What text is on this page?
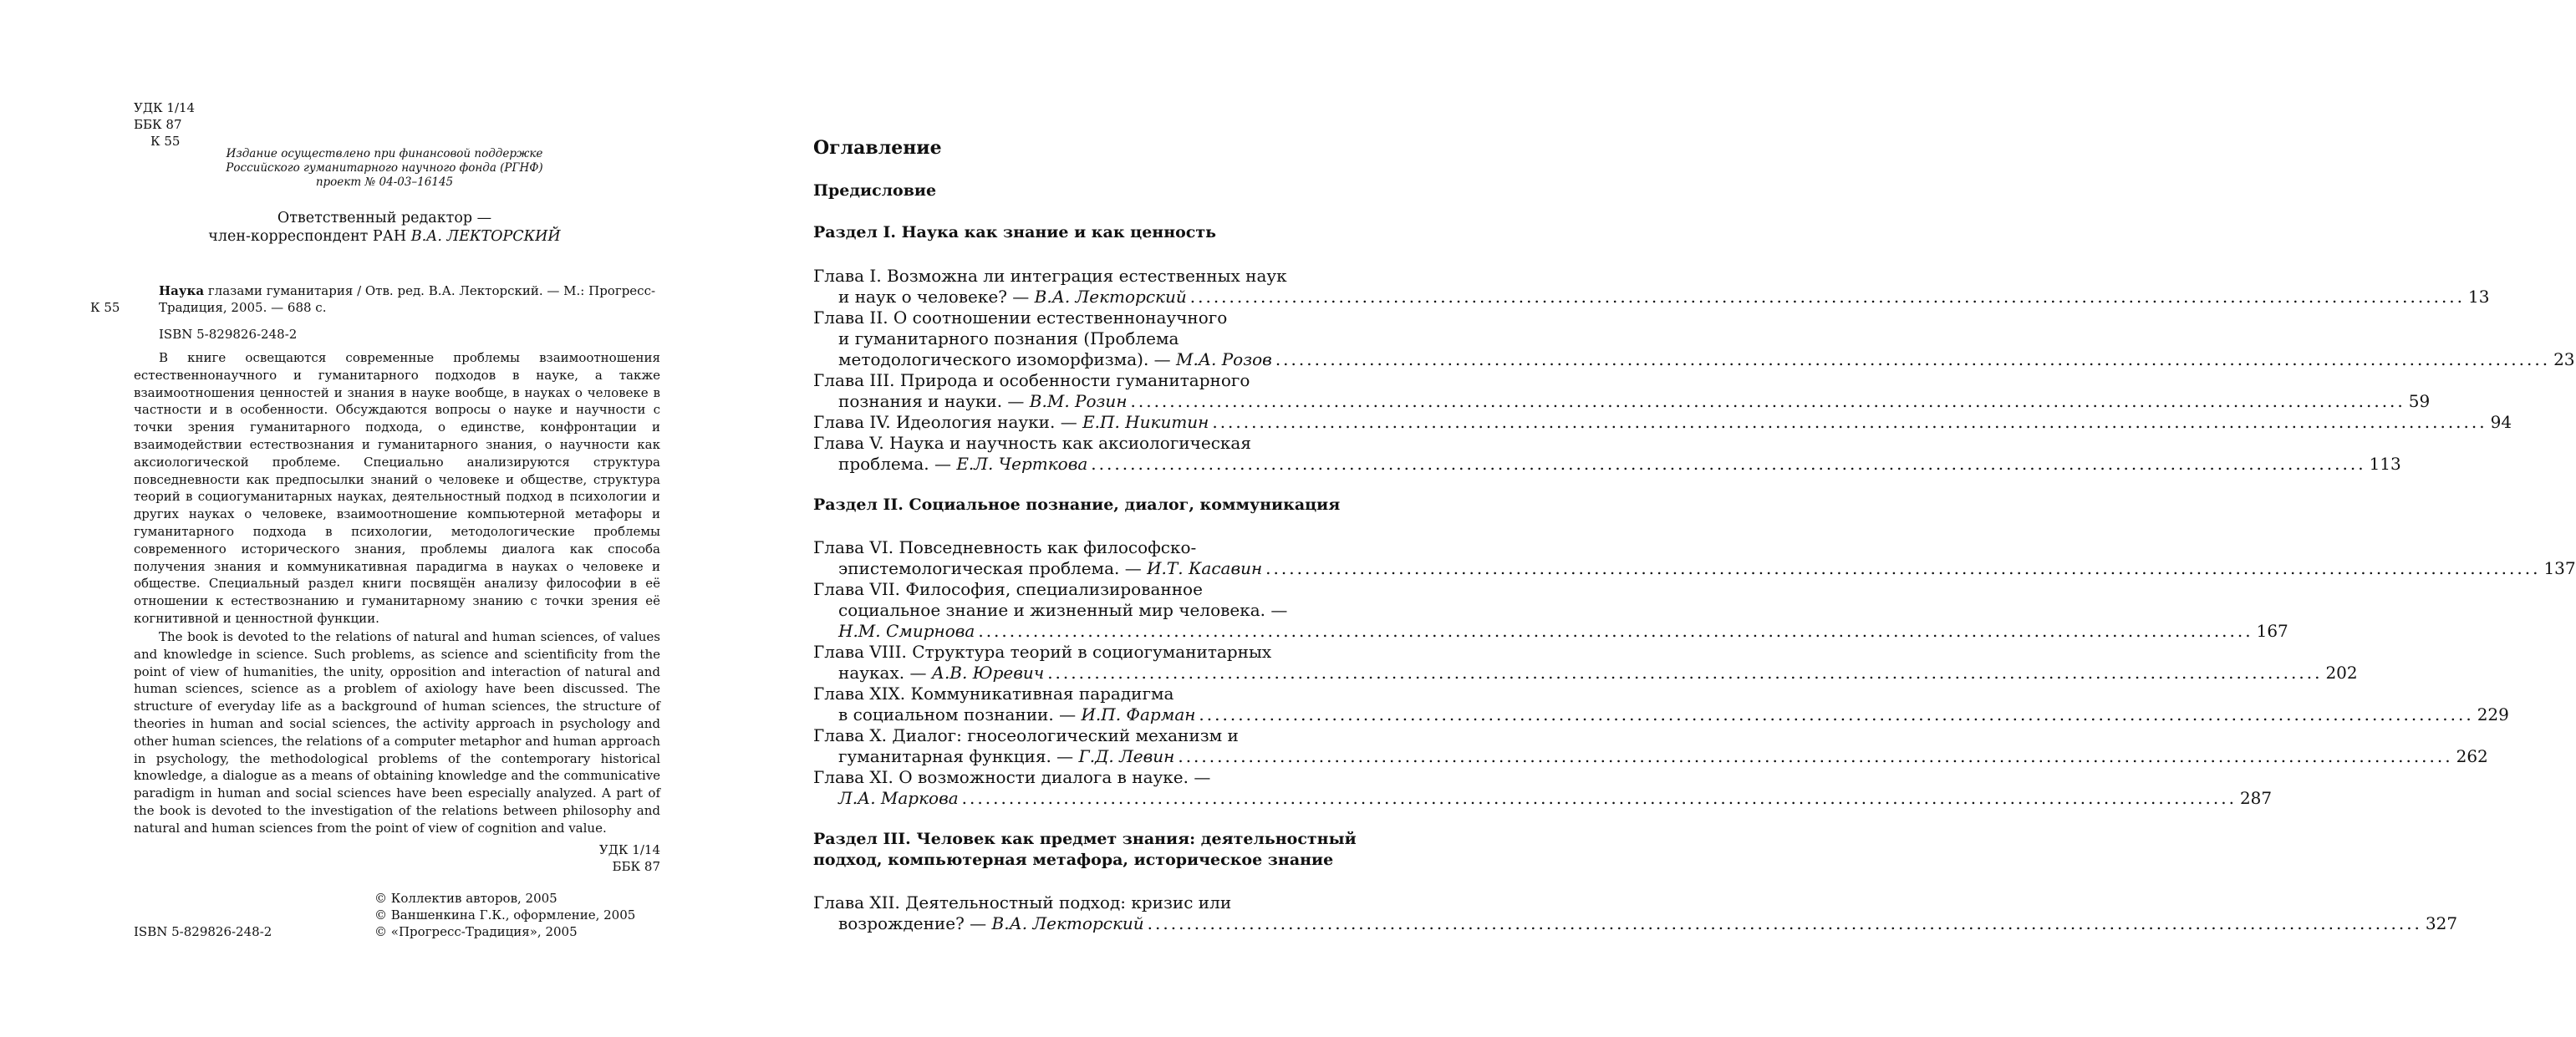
УДК 1/14
ББК 87
К 55
Издание осуществлено при финансовой поддержке
Российского гуманитарного научного фонда (РГНФ)
проект № 04-03–16145
Ответственный редактор —
член-корреспондент РАН В.А. ЛЕКТОРСКИЙ
Наука глазами гуманитария / Отв. ред. В.А. Лекторский. — М.: Прогресс-
Традиция, 2005. — 688 с.
К 55
ISBN 5-829826-248-2

В книге освещаются современные проблемы взаимоотношения естественнонаучного и гуманитарного подходов в науке, а также взаимоотношения ценностей и знания в науке вообще, в науках о человеке в частности и в особенности. Обсуждаются вопросы о науке и научности с точки зрения гуманитарного подхода, о единстве, конфронтации и взаимодействии естествознания и гуманитарного знания, о научности как аксиологической проблеме. Специально анализируются структура повседневности как предпосылки знаний о человеке и обществе, структура теорий в социогуманитарных науках, деятельностный подход в психологии и других науках о человеке, взаимоотношение компьютерной метафоры и гуманитарного подхода в психологии, методологические проблемы современного исторического знания, проблемы диалога как способа получения знания и коммуникативная парадигма в науках о человеке и обществе. Специальный раздел книги посвящён анализу философии в её отношении к естествознанию и гуманитарному знанию с точки зрения её когнитивной и ценностной функции.

The book is devoted to the relations of natural and human sciences, of values and knowledge in science. Such problems, as science and scientificity from the point of view of humanities, the unity, opposition and interaction of natural and human sciences, science as a problem of axiology have been discussed. The structure of everyday life as a background of human sciences, the structure of theories in human and social sciences, the activity approach in psychology and other human sciences, the relations of a computer metaphor and human approach in psychology, the methodological problems of the contemporary historical knowledge, a dialogue as a means of obtaining knowledge and the communicative paradigm in human and social sciences have been especially analyzed. A part of the book is devoted to the investigation of the relations between philosophy and natural and human sciences from the point of view of cognition and value.

УДК 1/14
ББК 87
© Коллектив авторов, 2005
© Ваншенкина Г.К., оформление, 2005
© «Прогресс-Традиция», 2005
ISBN 5-829826-248-2
Оглавление
Предисловие
Раздел I. Наука как знание и как ценность
Глава I. Возможна ли интеграция естественных наук
и наук о человеке? — В.А. Лекторский .....	13
Глава II. О соотношении естественнонаучного
и гуманитарного познания (Проблема
методологического изоморфизма). — М.А. Розов .....	23
Глава III. Природа и особенности гуманитарного
познания и науки. — В.М. Розин .....	59
Глава IV. Идеология науки. — Е.П. Никитин .....	94
Глава V. Наука и научность как аксиологическая
проблема. — Е.Л. Черткова .....	113
Раздел II. Социальное познание, диалог, коммуникация
Глава VI. Повседневность как философско-
эпистемологическая проблема. — И.Т. Касавин .....	137
Глава VII. Философия, специализированное
социальное знание и жизненный мир человека. —
Н.М. Смирнова .....	167
Глава VIII. Структура теорий в социогуманитарных
науках. — А.В. Юревич .....	202
Глава XIX. Коммуникативная парадигма
в социальном познании. — И.П. Фарман .....	229
Глава X. Диалог: гносеологический механизм и
гуманитарная функция. — Г.Д. Левин .....	262
Глава XI. О возможности диалога в науке. —
Л.А. Маркова .....	287
Раздел III. Человек как предмет знания: деятельностный
подход, компьютерная метафора, историческое знание
Глава XII. Деятельностный подход: кризис или
возрождение? — В.А. Лекторский .....	327
